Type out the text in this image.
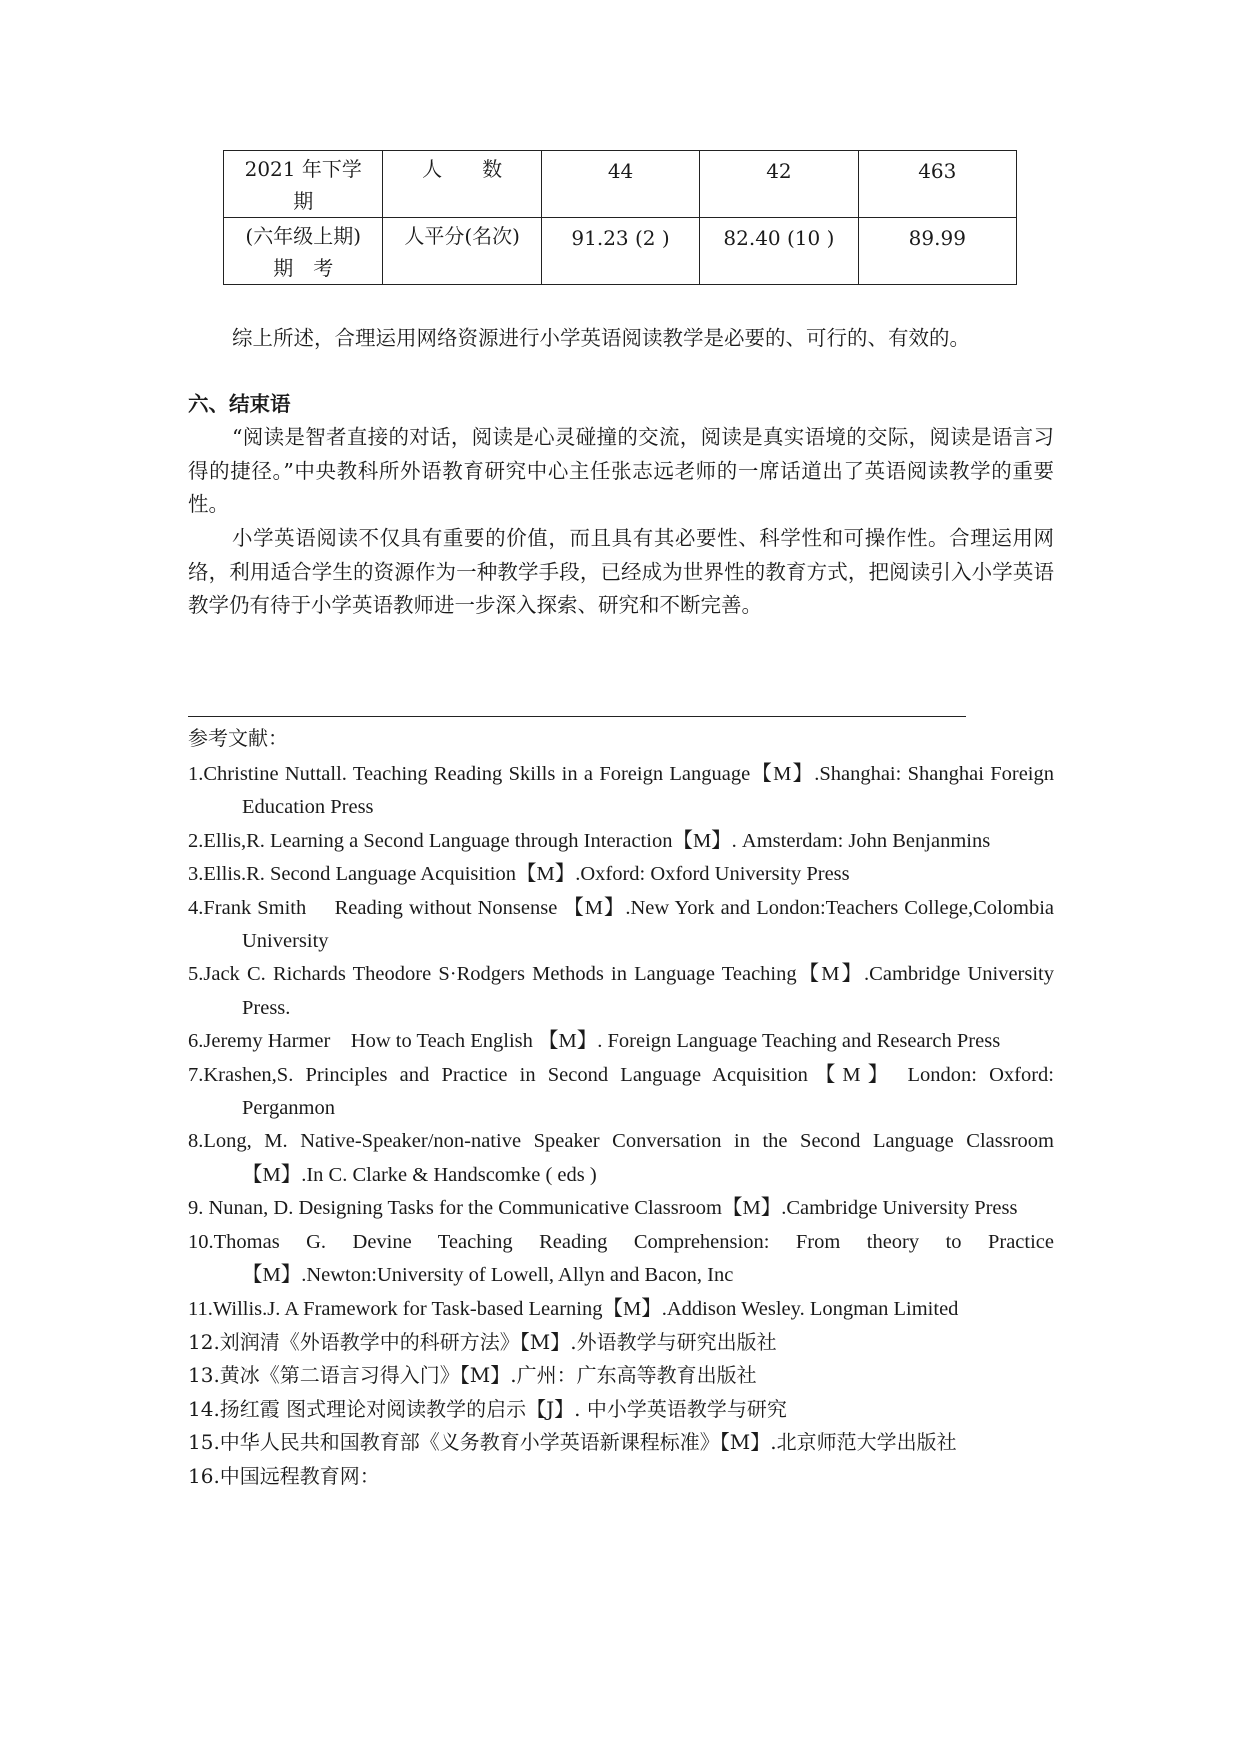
2021 年下学
期	人　　数	44	42	463

(六年级上期)
期　考	人平分(名次)	91.23 (2 )	82.40 (10 )	89.99
综上所述，合理运用网络资源进行小学英语阅读教学是必要的、可行的、有效的。
六、结束语
“阅读是智者直接的对话，阅读是心灵碰撞的交流，阅读是真实语境的交际，阅读是语言习得的捷径。”中央教科所外语教育研究中心主任张志远老师的一席话道出了英语阅读教学的重要性。
小学英语阅读不仅具有重要的价值，而且具有其必要性、科学性和可操作性。合理运用网络，利用适合学生的资源作为一种教学手段，已经成为世界性的教育方式，把阅读引入小学英语教学仍有待于小学英语教师进一步深入探索、研究和不断完善。
参考文献：
1.Christine Nuttall. Teaching Reading Skills in a Foreign Language【M】.Shanghai: Shanghai Foreign Education Press
2.Ellis,R. Learning a Second Language through Interaction【M】. Amsterdam: John Benjanmins
3.Ellis.R. Second Language Acquisition【M】.Oxford: Oxford University Press
4.Frank Smith　 Reading without Nonsense 【M】.New York and London:Teachers College,Colombia University
5.Jack C. Richards Theodore S·Rodgers Methods in Language Teaching【M】.Cambridge University Press.
6.Jeremy Harmer　How to Teach English 【M】. Foreign Language Teaching and Research Press
7.Krashen,S. Principles and Practice in Second Language Acquisition【M】 London: Oxford: Perganmon
8.Long, M. Native-Speaker/non-native Speaker Conversation in the Second Language Classroom【M】.In C. Clarke & Handscomke ( eds )
9. Nunan, D. Designing Tasks for the Communicative Classroom【M】.Cambridge University Press
10.Thomas G. Devine Teaching Reading Comprehension: From theory to Practice【M】.Newton:University of Lowell, Allyn and Bacon, Inc
11.Willis.J. A Framework for Task-based Learning【M】.Addison Wesley. Longman Limited
12.刘润清《外语教学中的科研方法》【M】.外语教学与研究出版社
13.黄冰《第二语言习得入门》【M】.广州：广东高等教育出版社
14.扬红霞 图式理论对阅读教学的启示【J】. 中小学英语教学与研究
15.中华人民共和国教育部《义务教育小学英语新课程标准》【M】.北京师范大学出版社
16.中国远程教育网：
